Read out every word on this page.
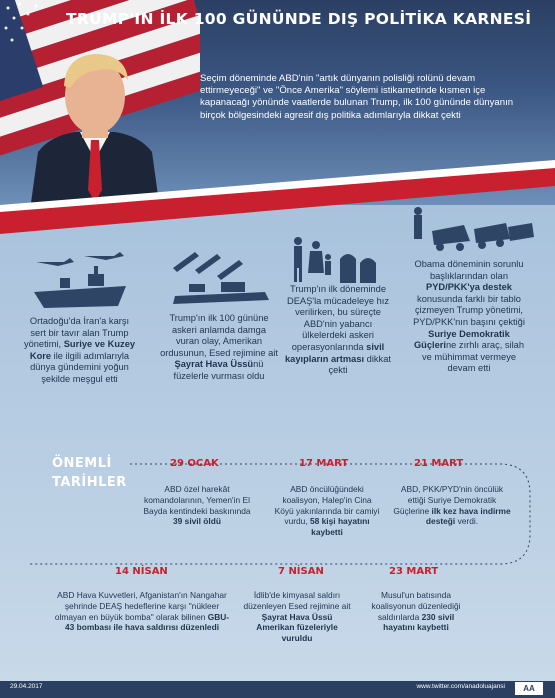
TRUMP'IN İLK 100 GÜNÜNDE DIŞ POLİTİKA KARNESİ
Seçim döneminde ABD'nin "artık dünyanın polisliği rolünü devam ettirmeyeceği" ve "Önce Amerika" söylemi istikametinde kısmen içe kapanacağı yönünde vaatlerde bulunan Trump, ilk 100 gününde dünyanın birçok bölgesindeki agresif dış politika adımlarıyla dikkat çekti
Ortadoğu'da İran'a karşı sert bir tavır alan Trump yönetimi, Suriye ve Kuzey Kore ile ilgili adımlarıyla dünya gündemini yoğun şekilde meşgul etti
Trump'ın ilk 100 gününe askeri anlamda damga vuran olay, Amerikan ordusunun, Esed rejimine ait Şayrat Hava Üssünü füzelerle vurması oldu
Trump'ın ilk döneminde DEAŞ'la mücadeleye hız verilirken, bu süreçte ABD'nin yabancı ülkelerdeki askeri operasyonlarında sivil kayıpların artması dikkat çekti
Obama döneminin sorunlu başlıklarından olan PYD/PKK'ya destek konusunda farklı bir tablo çizmeyen Trump yönetimi, PYD/PKK'nın başını çektiği Suriye Demokratik Güçlerine zırhlı araç, silah ve mühimmat vermeye devam etti
ÖNEMLİ
TARİHLER
29 OCAK	17 MART	21 MART
ABD özel harekât komandolarının, Yemen'in El Bayda kentindeki baskınında 39 sivil öldü
ABD öncülüğündeki koalisyon, Halep'in Cina Köyü yakınlarında bir camiyi vurdu, 58 kişi hayatını kaybetti
ABD, PKK/PYD'nin öncülük ettiği Suriye Demokratik Güçlerine ilk kez hava indirme desteği verdi.
14 NİSAN	7 NİSAN	23 MART
ABD Hava Kuvvetleri, Afganistan'ın Nangahar şehrinde DEAŞ hedeflerine karşı "nükleer olmayan en büyük bomba" olarak bilinen GBU-43 bombası ile hava saldırısı düzenledi
İdlib'de kimyasal saldırı düzenleyen Esed rejimine ait Şayrat Hava Üssü Amerikan füzeleriyle vuruldu
Musul'un batısında koalisyonun düzenlediği saldırılarda 230 sivil hayatını kaybetti
29.04.2017	www.twitter.com/anadoluajansi	AA
